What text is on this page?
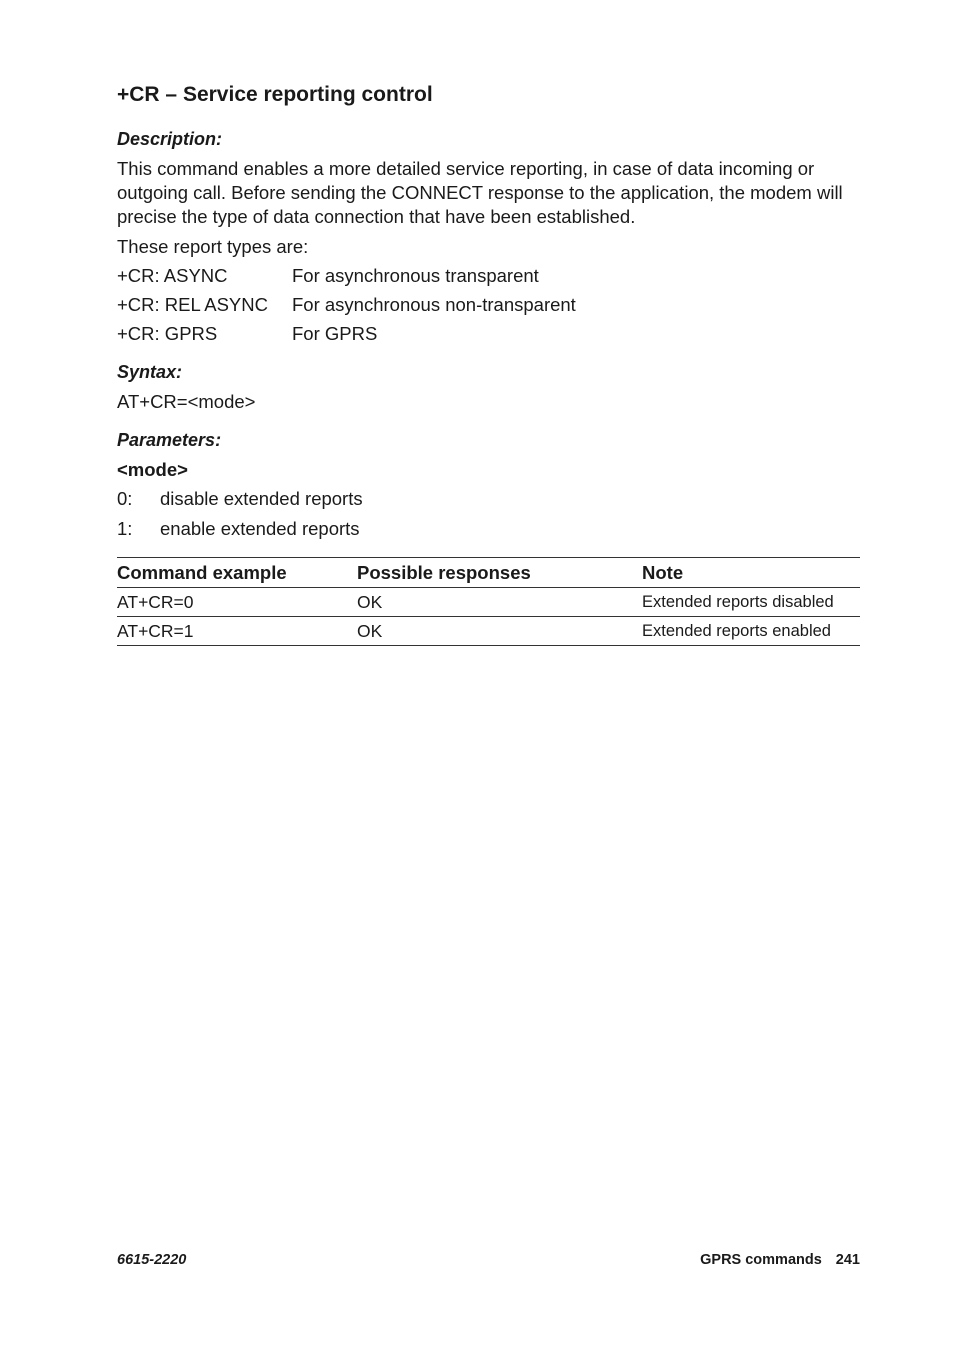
+CR – Service reporting control
Description:
This command enables a more detailed service reporting, in case of data incoming or outgoing call. Before sending the CONNECT response to the application, the modem will precise the type of data connection that have been established.
These report types are:
+CR: ASYNC	For asynchronous transparent
+CR: REL ASYNC For asynchronous non-transparent
+CR: GPRS	For GPRS
Syntax:
AT+CR=<mode>
Parameters:
<mode>
0: disable extended reports
1: enable extended reports
Command example	Possible responses	Note
AT+CR=0	OK	Extended reports disabled
AT+CR=1	OK	Extended reports enabled
6615-2220	GPRS commands 241
